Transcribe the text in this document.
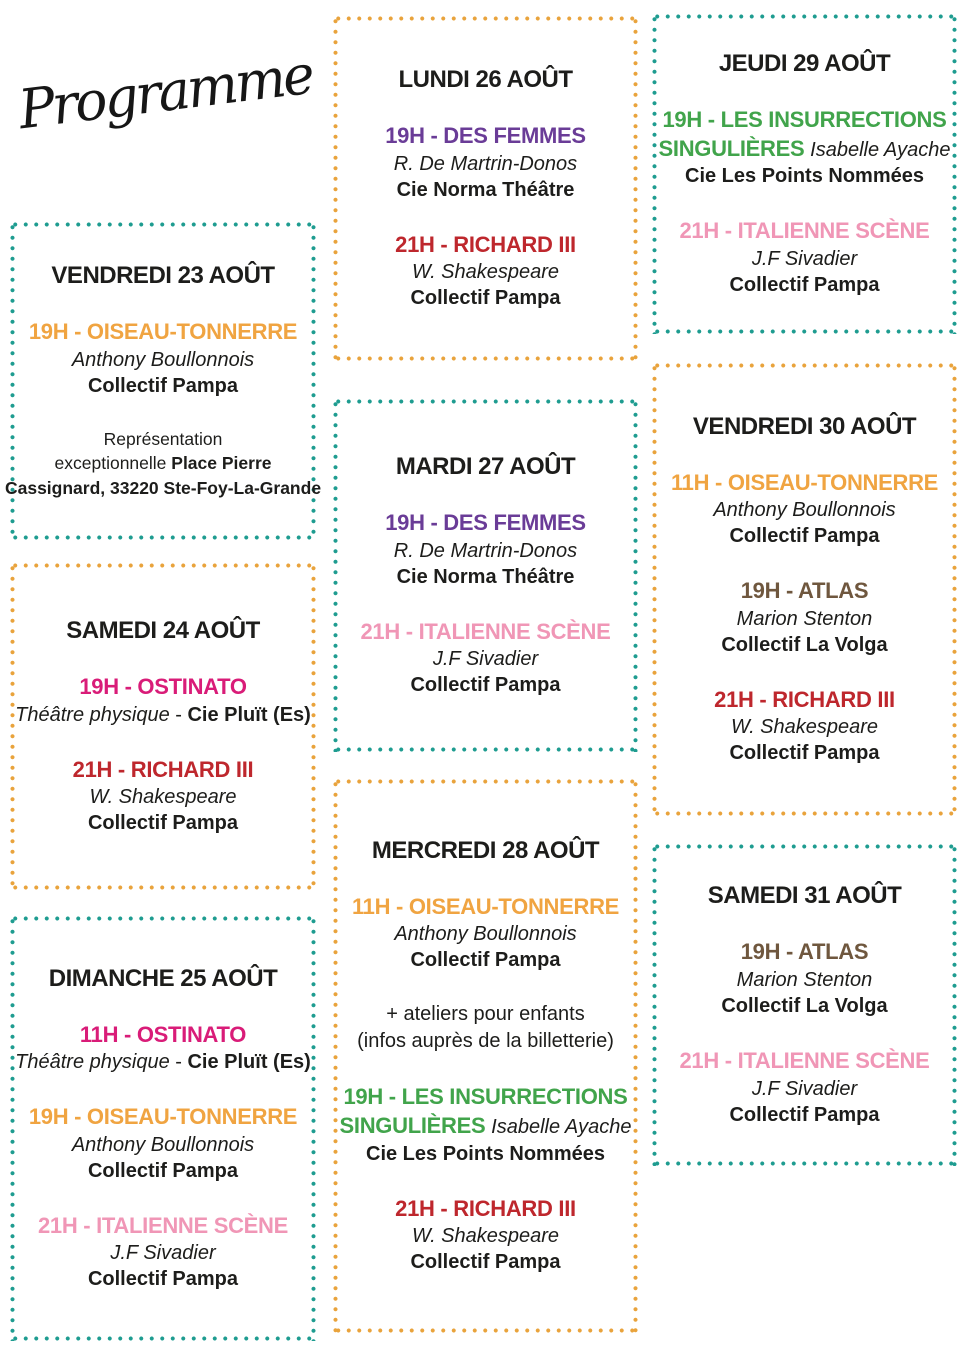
Programme
VENDREDI 23 AOÛT
19H - OISEAU-TONNERRE
Anthony Boullonnois
Collectif Pampa
Représentation
exceptionnelle Place Pierre
Cassignard, 33220 Ste-Foy-La-Grande
SAMEDI 24 AOÛT
19H - OSTINATO
Théâtre physique - Cie Pluït (Es)
21H - RICHARD III
W. Shakespeare
Collectif Pampa
DIMANCHE 25 AOÛT
11H - OSTINATO
Théâtre physique - Cie Pluït (Es)
19H - OISEAU-TONNERRE
Anthony Boullonnois
Collectif Pampa
21H - ITALIENNE SCÈNE
J.F Sivadier
Collectif Pampa
LUNDI 26 AOÛT
19H - DES FEMMES
R. De Martrin-Donos
Cie Norma Théâtre
21H - RICHARD III
W. Shakespeare
Collectif Pampa
MARDI 27 AOÛT
19H - DES FEMMES
R. De Martrin-Donos
Cie Norma Théâtre
21H - ITALIENNE SCÈNE
J.F Sivadier
Collectif Pampa
MERCREDI 28 AOÛT
11H - OISEAU-TONNERRE
Anthony Boullonnois
Collectif Pampa
+ ateliers pour enfants
(infos auprès de la billetterie)
19H - LES INSURRECTIONS
SINGULIÈRES Isabelle Ayache
Cie Les Points Nommées
21H - RICHARD III
W. Shakespeare
Collectif Pampa
JEUDI 29 AOÛT
19H - LES INSURRECTIONS
SINGULIÈRES Isabelle Ayache
Cie Les Points Nommées
21H - ITALIENNE SCÈNE
J.F Sivadier
Collectif Pampa
VENDREDI 30 AOÛT
11H - OISEAU-TONNERRE
Anthony Boullonnois
Collectif Pampa
19H - ATLAS
Marion Stenton
Collectif La Volga
21H - RICHARD III
W. Shakespeare
Collectif Pampa
SAMEDI 31 AOÛT
19H - ATLAS
Marion Stenton
Collectif La Volga
21H - ITALIENNE SCÈNE
J.F Sivadier
Collectif Pampa
